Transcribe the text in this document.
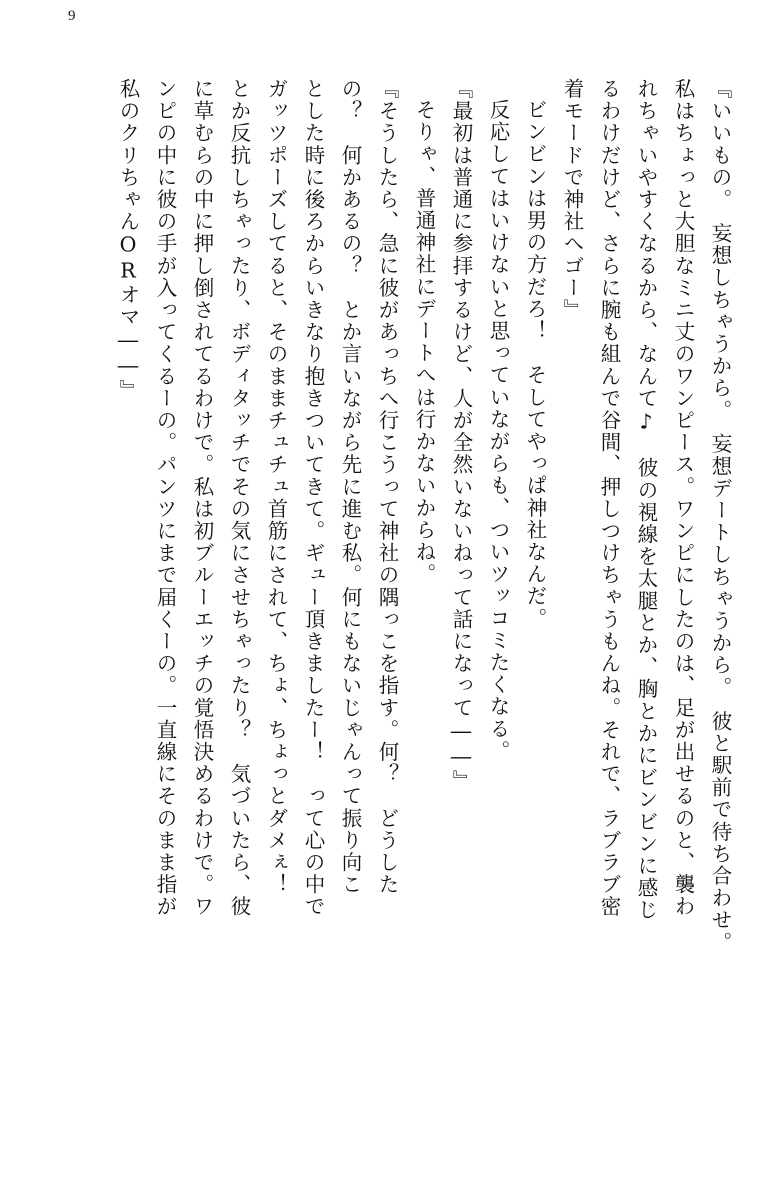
9
『いいもの。　妄想しちゃうから。　妄想デートしちゃうから。　彼と駅前で待ち合わせ。
私はちょっと大胆なミニ丈のワンピース。ワンピにしたのは、足が出せるのと、襲わ
れちゃいやすくなるから、なんて♪　彼の視線を太腿とか、胸とかにビンビンに感じ
るわけだけど、さらに腕も組んで谷間、押しつけちゃうもんね。それで、ラブラブ密
着モードで神社へゴー』
ビンビンは男の方だろ！　そしてやっぱ神社なんだ。
反応してはいけないと思っていながらも、ついツッコミたくなる。
『最初は普通に参拝するけど、人が全然いないねって話になって――』
そりゃ、普通神社にデートへは行かないからね。
『そうしたら、急に彼があっちへ行こうって神社の隅っこを指す。何？　どうした
の？　何かあるの？　とか言いながら先に進む私。何にもないじゃんって振り向こ
とした時に後ろからいきなり抱きついてきて。ギュー頂きましたー！　って心の中で
ガッツポーズしてると、そのままチュチュ首筋にされて、ちょ、ちょっとダメぇ！
とか反抗しちゃったり、ボディタッチでその気にさせちゃったり？　気づいたら、彼
に草むらの中に押し倒されてるわけで。私は初ブルーエッチの覚悟決めるわけで。ワ
ンピの中に彼の手が入ってくるーの。パンツにまで届くーの。一直線にそのまま指が
私のクリちゃんORオマ――』
